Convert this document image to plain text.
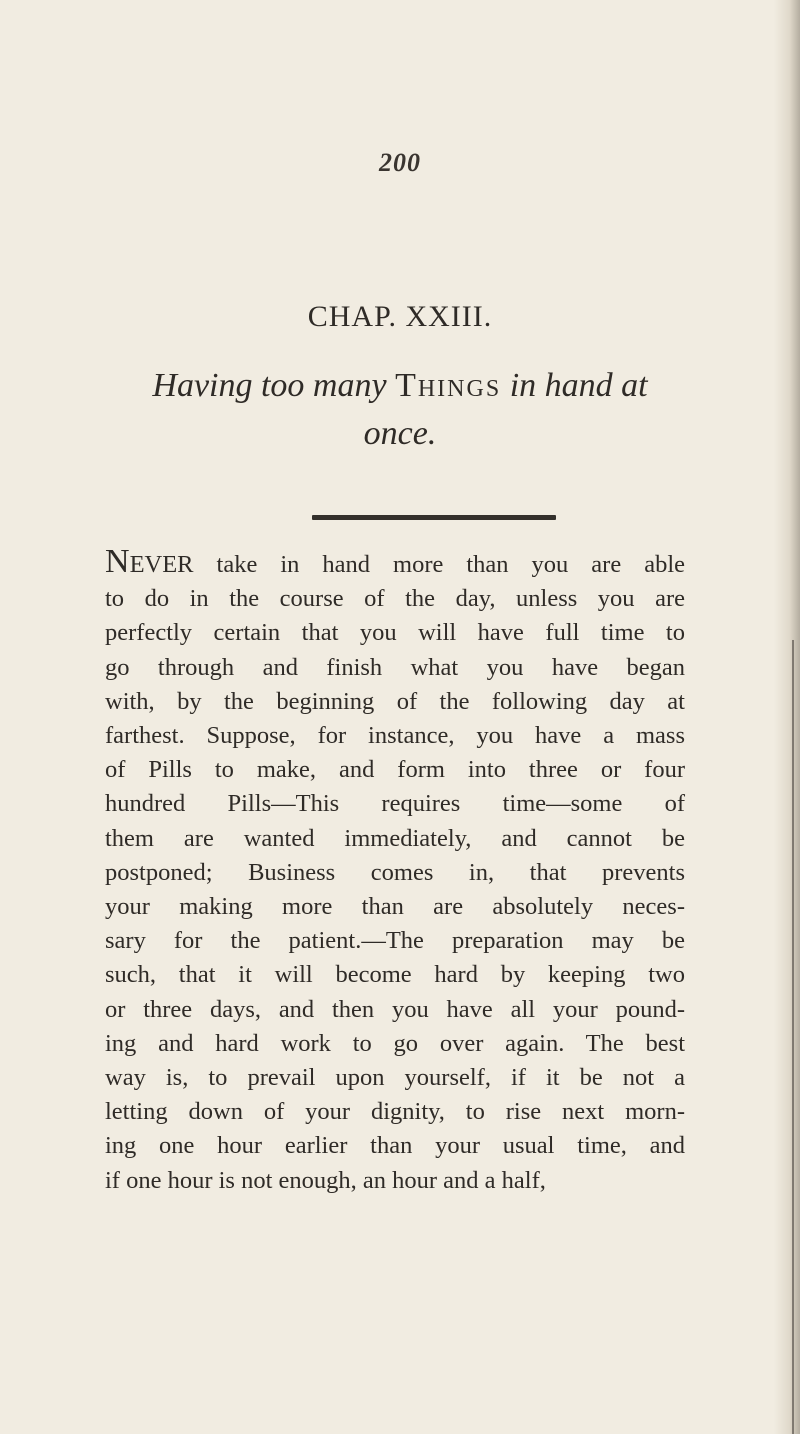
200
CHAP. XXIII.
Having too many Things in hand at
once.
NEVER take in hand more than you are able
to do in the course of the day, unless you are
perfectly certain that you will have full time to
go through and finish what you have began
with, by the beginning of the following day at
farthest. Suppose, for instance, you have a mass
of Pills to make, and form into three or four
hundred Pills—This requires time—some of
them are wanted immediately, and cannot be
postponed; Business comes in, that prevents
your making more than are absolutely neces-
sary for the patient.—The preparation may be
such, that it will become hard by keeping two
or three days, and then you have all your pound-
ing and hard work to go over again. The best
way is, to prevail upon yourself, if it be not a
letting down of your dignity, to rise next morn-
ing one hour earlier than your usual time, and
if one hour is not enough, an hour and a half,
